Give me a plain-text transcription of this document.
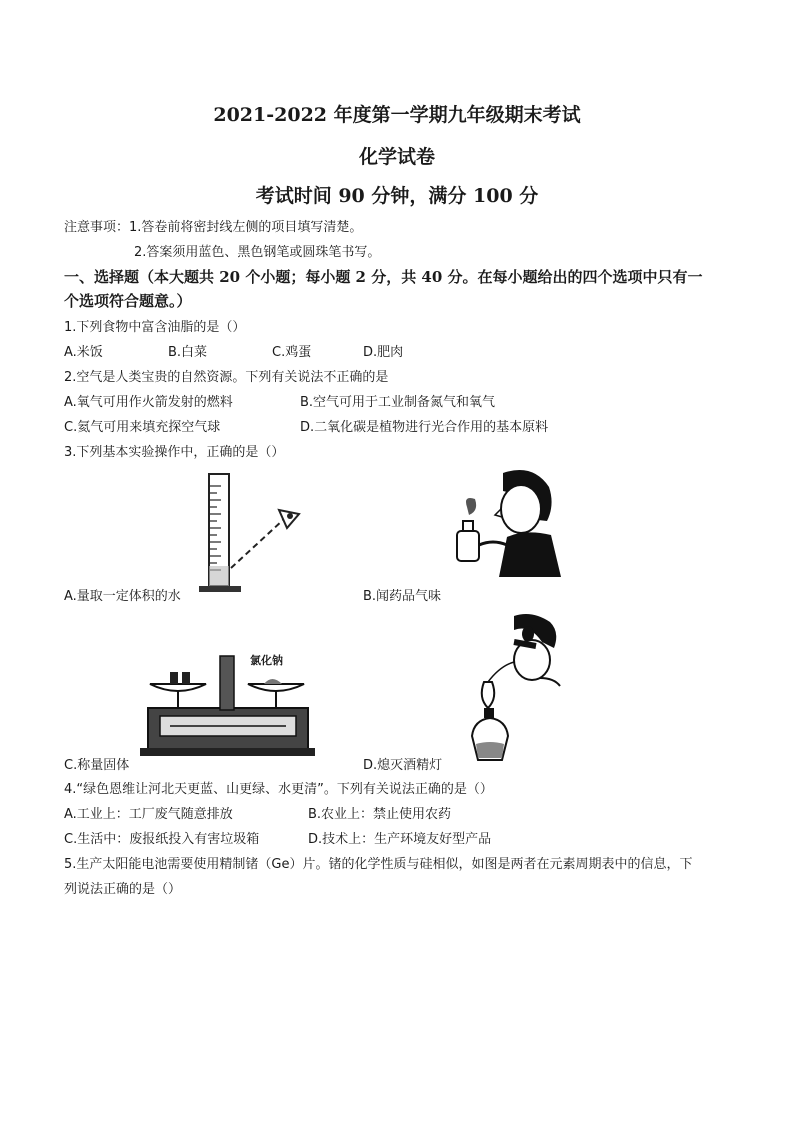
2021-2022 年度第一学期九年级期末考试
化学试卷
考试时间 90 分钟，满分 100 分
注意事项：1.答卷前将密封线左侧的项目填写清楚。
2.答案须用蓝色、黑色钢笔或圆珠笔书写。
一、选择题（本大题共 20 个小题；每小题 2 分，共 40 分。在每小题给出的四个选项中只有一
个选项符合题意。）
1.下列食物中富含油脂的是（）
A.米饭	B.白菜	C.鸡蛋	D.肥肉
2.空气是人类宝贵的自然资源。下列有关说法不正确的是
A.氧气可用作火箭发射的燃料	B.空气可用于工业制备氮气和氧气
C.氦气可用来填充探空气球	D.二氧化碳是植物进行光合作用的基本原料
3.下列基本实验操作中，正确的是（）
A.量取一定体积的水	B.闻药品气味
氯化钠
C.称量固体	D.熄灭酒精灯
4.“绿色恩维让河北天更蓝、山更绿、水更清”。下列有关说法正确的是（）
A.工业上：工厂废气随意排放	B.农业上：禁止使用农药
C.生活中：废报纸投入有害垃圾箱	D.技术上：生产环境友好型产品
5.生产太阳能电池需要使用精制锗（Ge）片。锗的化学性质与硅相似，如图是两者在元素周期表中的信息，下
列说法正确的是（）
